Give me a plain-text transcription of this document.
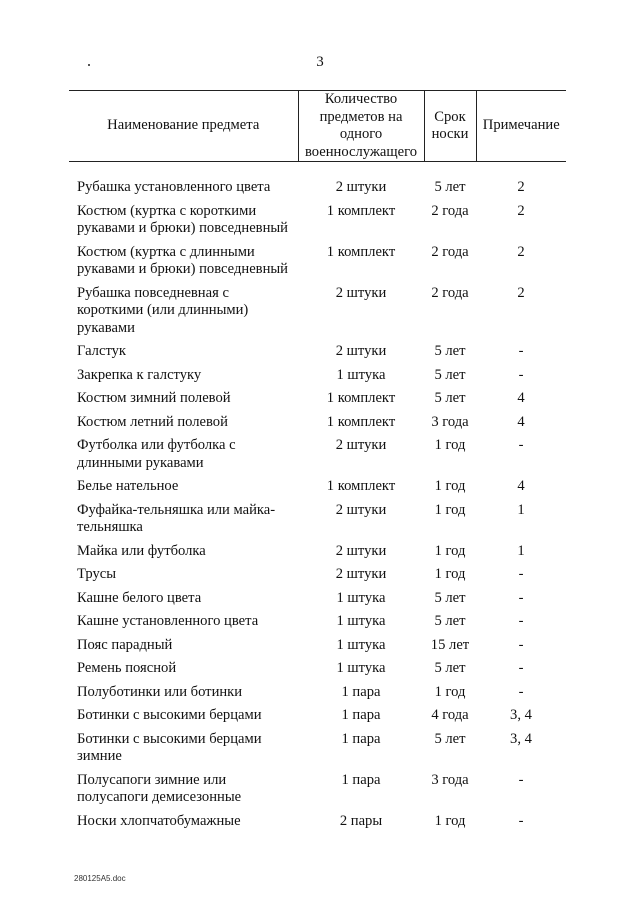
3
Наименование предмета	Количество предметов на одного военнослужащего	Срок носки	Примечание

Рубашка установленного цвета	2 штуки	5 лет	2
Костюм (куртка с короткими рукавами и брюки) повседневный	1 комплект	2 года	2
Костюм (куртка с длинными рукавами и брюки) повседневный	1 комплект	2 года	2
Рубашка повседневная с короткими (или длинными) рукавами	2 штуки	2 года	2
Галстук	2 штуки	5 лет	-
Закрепка к галстуку	1 штука	5 лет	-
Костюм зимний полевой	1 комплект	5 лет	4
Костюм летний полевой	1 комплект	3 года	4
Футболка или футболка с длинными рукавами	2 штуки	1 год	-
Белье нательное	1 комплект	1 год	4
Фуфайка-тельняшка или майка-тельняшка	2 штуки	1 год	1
Майка или футболка	2 штуки	1 год	1
Трусы	2 штуки	1 год	-
Кашне белого цвета	1 штука	5 лет	-
Кашне установленного цвета	1 штука	5 лет	-
Пояс парадный	1 штука	15 лет	-
Ремень поясной	1 штука	5 лет	-
Полуботинки или ботинки	1 пара	1 год	-
Ботинки с высокими берцами	1 пара	4 года	3, 4
Ботинки с высокими берцами зимние	1 пара	5 лет	3, 4
Полусапоги зимние или полусапоги демисезонные	1 пара	3 года	-
Носки хлопчатобумажные	2 пары	1 год	-
280125A5.doc
